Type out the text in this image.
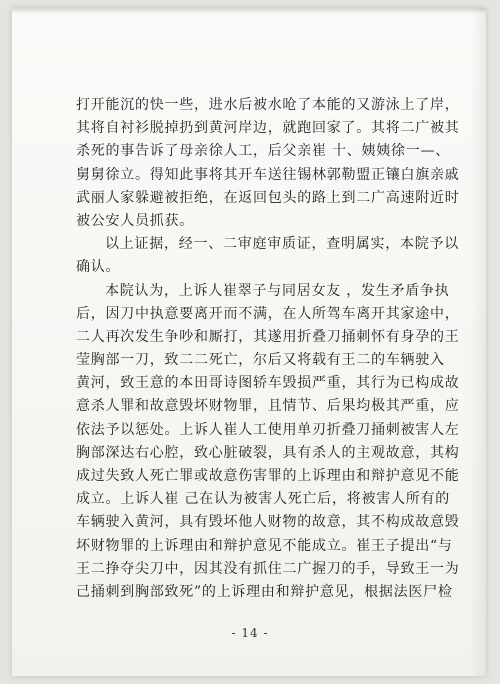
打开能沉的快一些，进水后被水呛了本能的又游泳上了岸，
其将自衬衫脱掉扔到黄河岸边，就跑回家了。其将二广被其
杀死的事告诉了母亲徐人工，后父亲崔 十、姨姨徐一—、
舅舅徐立。得知此事将其开车送往锡林郭勒盟正镶白旗亲戚
武丽人家躲避被拒绝，在返回包头的路上到二广高速附近时
被公安人员抓获。
以上证据，经一、二审庭审质证，查明属实，本院予以
确认。
本院认为，上诉人崔翠子与同居女友 ，发生矛盾争执
后，因刀中执意要离开而不满，在人所驾车离开其家途中，
二人再次发生争吵和厮打，其遂用折叠刀捅刺怀有身孕的王
莹胸部一刀，致二二死亡，尔后又将载有王二的车辆驶入
黄河，致王意的本田哥诗图轿车毁损严重，其行为已构成故
意杀人罪和故意毁坏财物罪，且情节、后果均极其严重，应
依法予以惩处。上诉人崔人工使用单刃折叠刀捅刺被害人左
胸部深达右心腔，致心脏破裂，具有杀人的主观故意，其构
成过失致人死亡罪或故意伤害罪的上诉理由和辩护意见不能
成立。上诉人崔 己在认为被害人死亡后，将被害人所有的
车辆驶入黄河，具有毁坏他人财物的故意，其不构成故意毁
坏财物罪的上诉理由和辩护意见不能成立。崔王子提出“与
王二挣夺尖刀中，因其没有抓住二广握刀的手，导致王一为
己捅刺到胸部致死”的上诉理由和辩护意见，根据法医尸检
- 14 -
